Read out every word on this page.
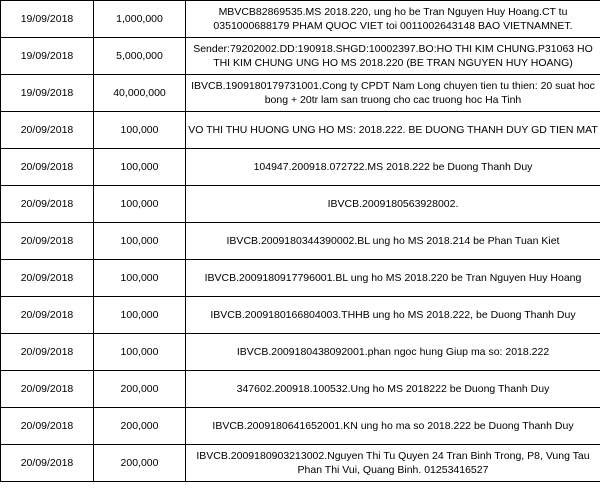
19/09/2018	1,000,000	MBVCB82869535.MS 2018.220, ung ho be Tran Nguyen Huy Hoang.CT tu 0351000688179 PHAM QUOC VIET toi 0011002643148 BAO VIETNAMNET.
19/09/2018	5,000,000	Sender:79202002.DD:190918.SHGD:10002397.BO:HO THI KIM CHUNG.P31063 HO THI KIM CHUNG UNG HO MS 2018.220 (BE TRAN NGUYEN HUY HOANG)
19/09/2018	40,000,000	IBVCB.1909180179731001.Cong ty CPDT Nam Long chuyen tien tu thien: 20 suat hoc bong + 20tr lam san truong cho cac truong hoc Ha Tinh
20/09/2018	100,000	VO THI THU HUONG UNG HO MS: 2018.222. BE DUONG THANH DUY GD TIEN MAT
20/09/2018	100,000	104947.200918.072722.MS 2018.222 be Duong Thanh Duy
20/09/2018	100,000	IBVCB.2009180563928002.
20/09/2018	100,000	IBVCB.2009180344390002.BL ung ho MS 2018.214 be Phan Tuan Kiet
20/09/2018	100,000	IBVCB.2009180917796001.BL ung ho MS 2018.220 be Tran Nguyen Huy Hoang
20/09/2018	100,000	IBVCB.2009180166804003.THHB ung ho MS 2018.222, be Duong Thanh Duy
20/09/2018	100,000	IBVCB.2009180438092001.phan ngoc hung Giup ma so: 2018.222
20/09/2018	200,000	347602.200918.100532.Ung ho MS 2018222 be Duong Thanh Duy
20/09/2018	200,000	IBVCB.2009180641652001.KN ung ho ma so 2018.222 be Duong Thanh Duy
20/09/2018	200,000	IBVCB.2009180903213002.Nguyen Thi Tu Quyen 24 Tran Binh Trong, P8, Vung Tau Phan Thi Vui, Quang Binh. 01253416527
